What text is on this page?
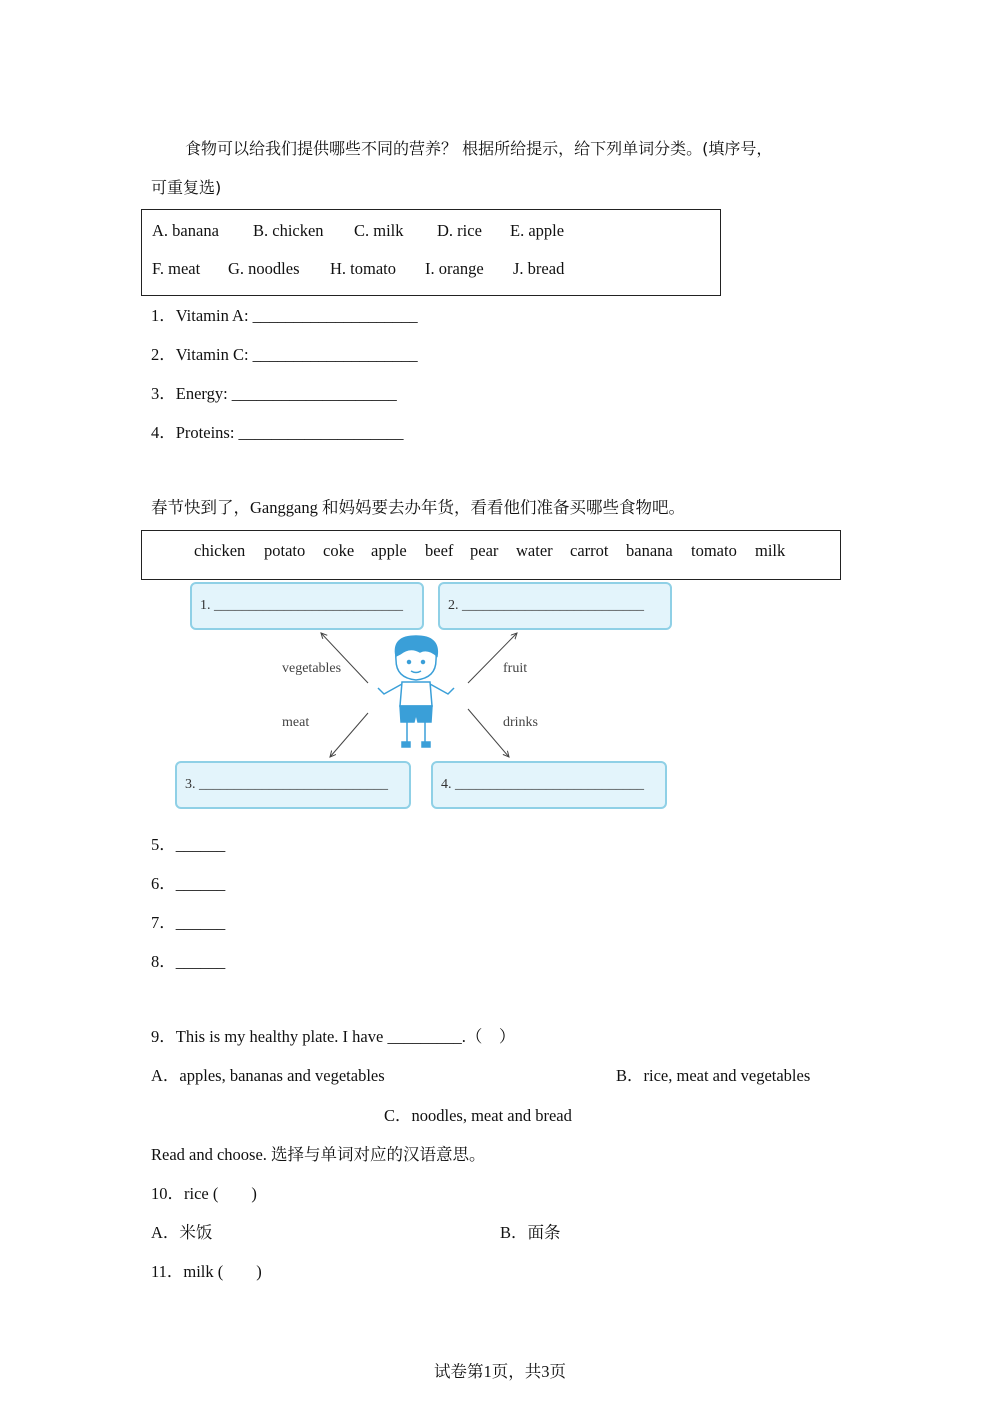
食物可以给我们提供哪些不同的营养？ 根据所给提示，给下列单词分类。(填序号，
可重复选)
A. banana B. chicken C. milk D. rice E. apple
F. meat G. noodles H. tomato I. orange J. bread
1．Vitamin A: ____________________
2．Vitamin C: ____________________
3．Energy: ____________________
4．Proteins: ____________________
春节快到了，Ganggang 和妈妈要去办年货，看看他们准备买哪些食物吧。
chicken potato coke apple beef pear water carrot banana tomato milk
1. ___________________________	2. __________________________
3. ___________________________	4. ___________________________
vegetables	fruit
meat	drinks
5．______
6．______
7．______
8．______
9．This is my healthy plate. I have _________.（　）
A．apples, bananas and vegetables	B．rice, meat and vegetables
C．noodles, meat and bread
Read and choose. 选择与单词对应的汉语意思。
10．rice (　　)
A．米饭	B．面条
11．milk (　　)
试卷第1页，共3页
